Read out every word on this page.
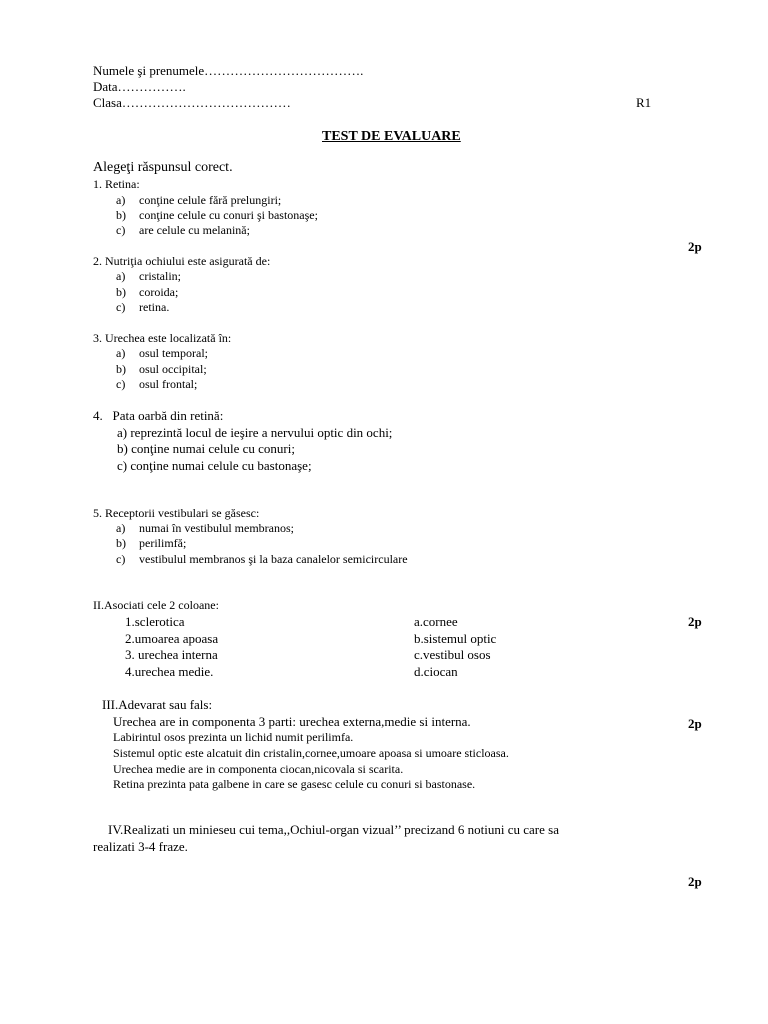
Numele şi prenumele……………………………….
Data…………….
Clasa…………………………………	R1
TEST DE EVALUARE
Alegeţi răspunsul corect.
1. Retina:
a) conţine celule fără prelungiri;
b) conţine celule cu conuri şi bastonaşe;
c) are celule cu melanină;
2p
2. Nutriţia ochiului este asigurată de:
a) cristalin;
b) coroida;
c) retina.
3. Urechea este localizată în:
a) osul temporal;
b) osul occipital;
c) osul frontal;
4.   Pata oarbă din retină:
a) reprezintă locul de ieşire a nervului optic din ochi;
b) conţine numai celule cu conuri;
c) conţine numai celule cu bastonaşe;
5. Receptorii vestibulari se găsesc:
a) numai în vestibulul membranos;
b) perilimfă;
c) vestibulul membranos şi la baza canalelor semicirculare
II.Asociati cele 2 coloane:
1.sclerotica
2.umoarea apoasa
3. urechea interna
4.urechea medie.
a.cornee
b.sistemul optic
c.vestibul osos
d.ciocan
2p
III.Adevarat sau fals:
Urechea are in componenta 3 parti: urechea externa,medie si interna.
Labirintul osos prezinta un lichid numit perilimfa.
Sistemul optic este alcatuit din cristalin,cornee,umoare apoasa si umoare sticloasa.
Urechea medie are in componenta ciocan,nicovala si scarita.
Retina prezinta pata galbene in care se gasesc celule cu conuri si bastonase.
2p
IV.Realizati un minieseu cui tema,,Ochiul-organ vizual’’ precizand 6 notiuni cu care sa
realizati 3-4 fraze.
2p
